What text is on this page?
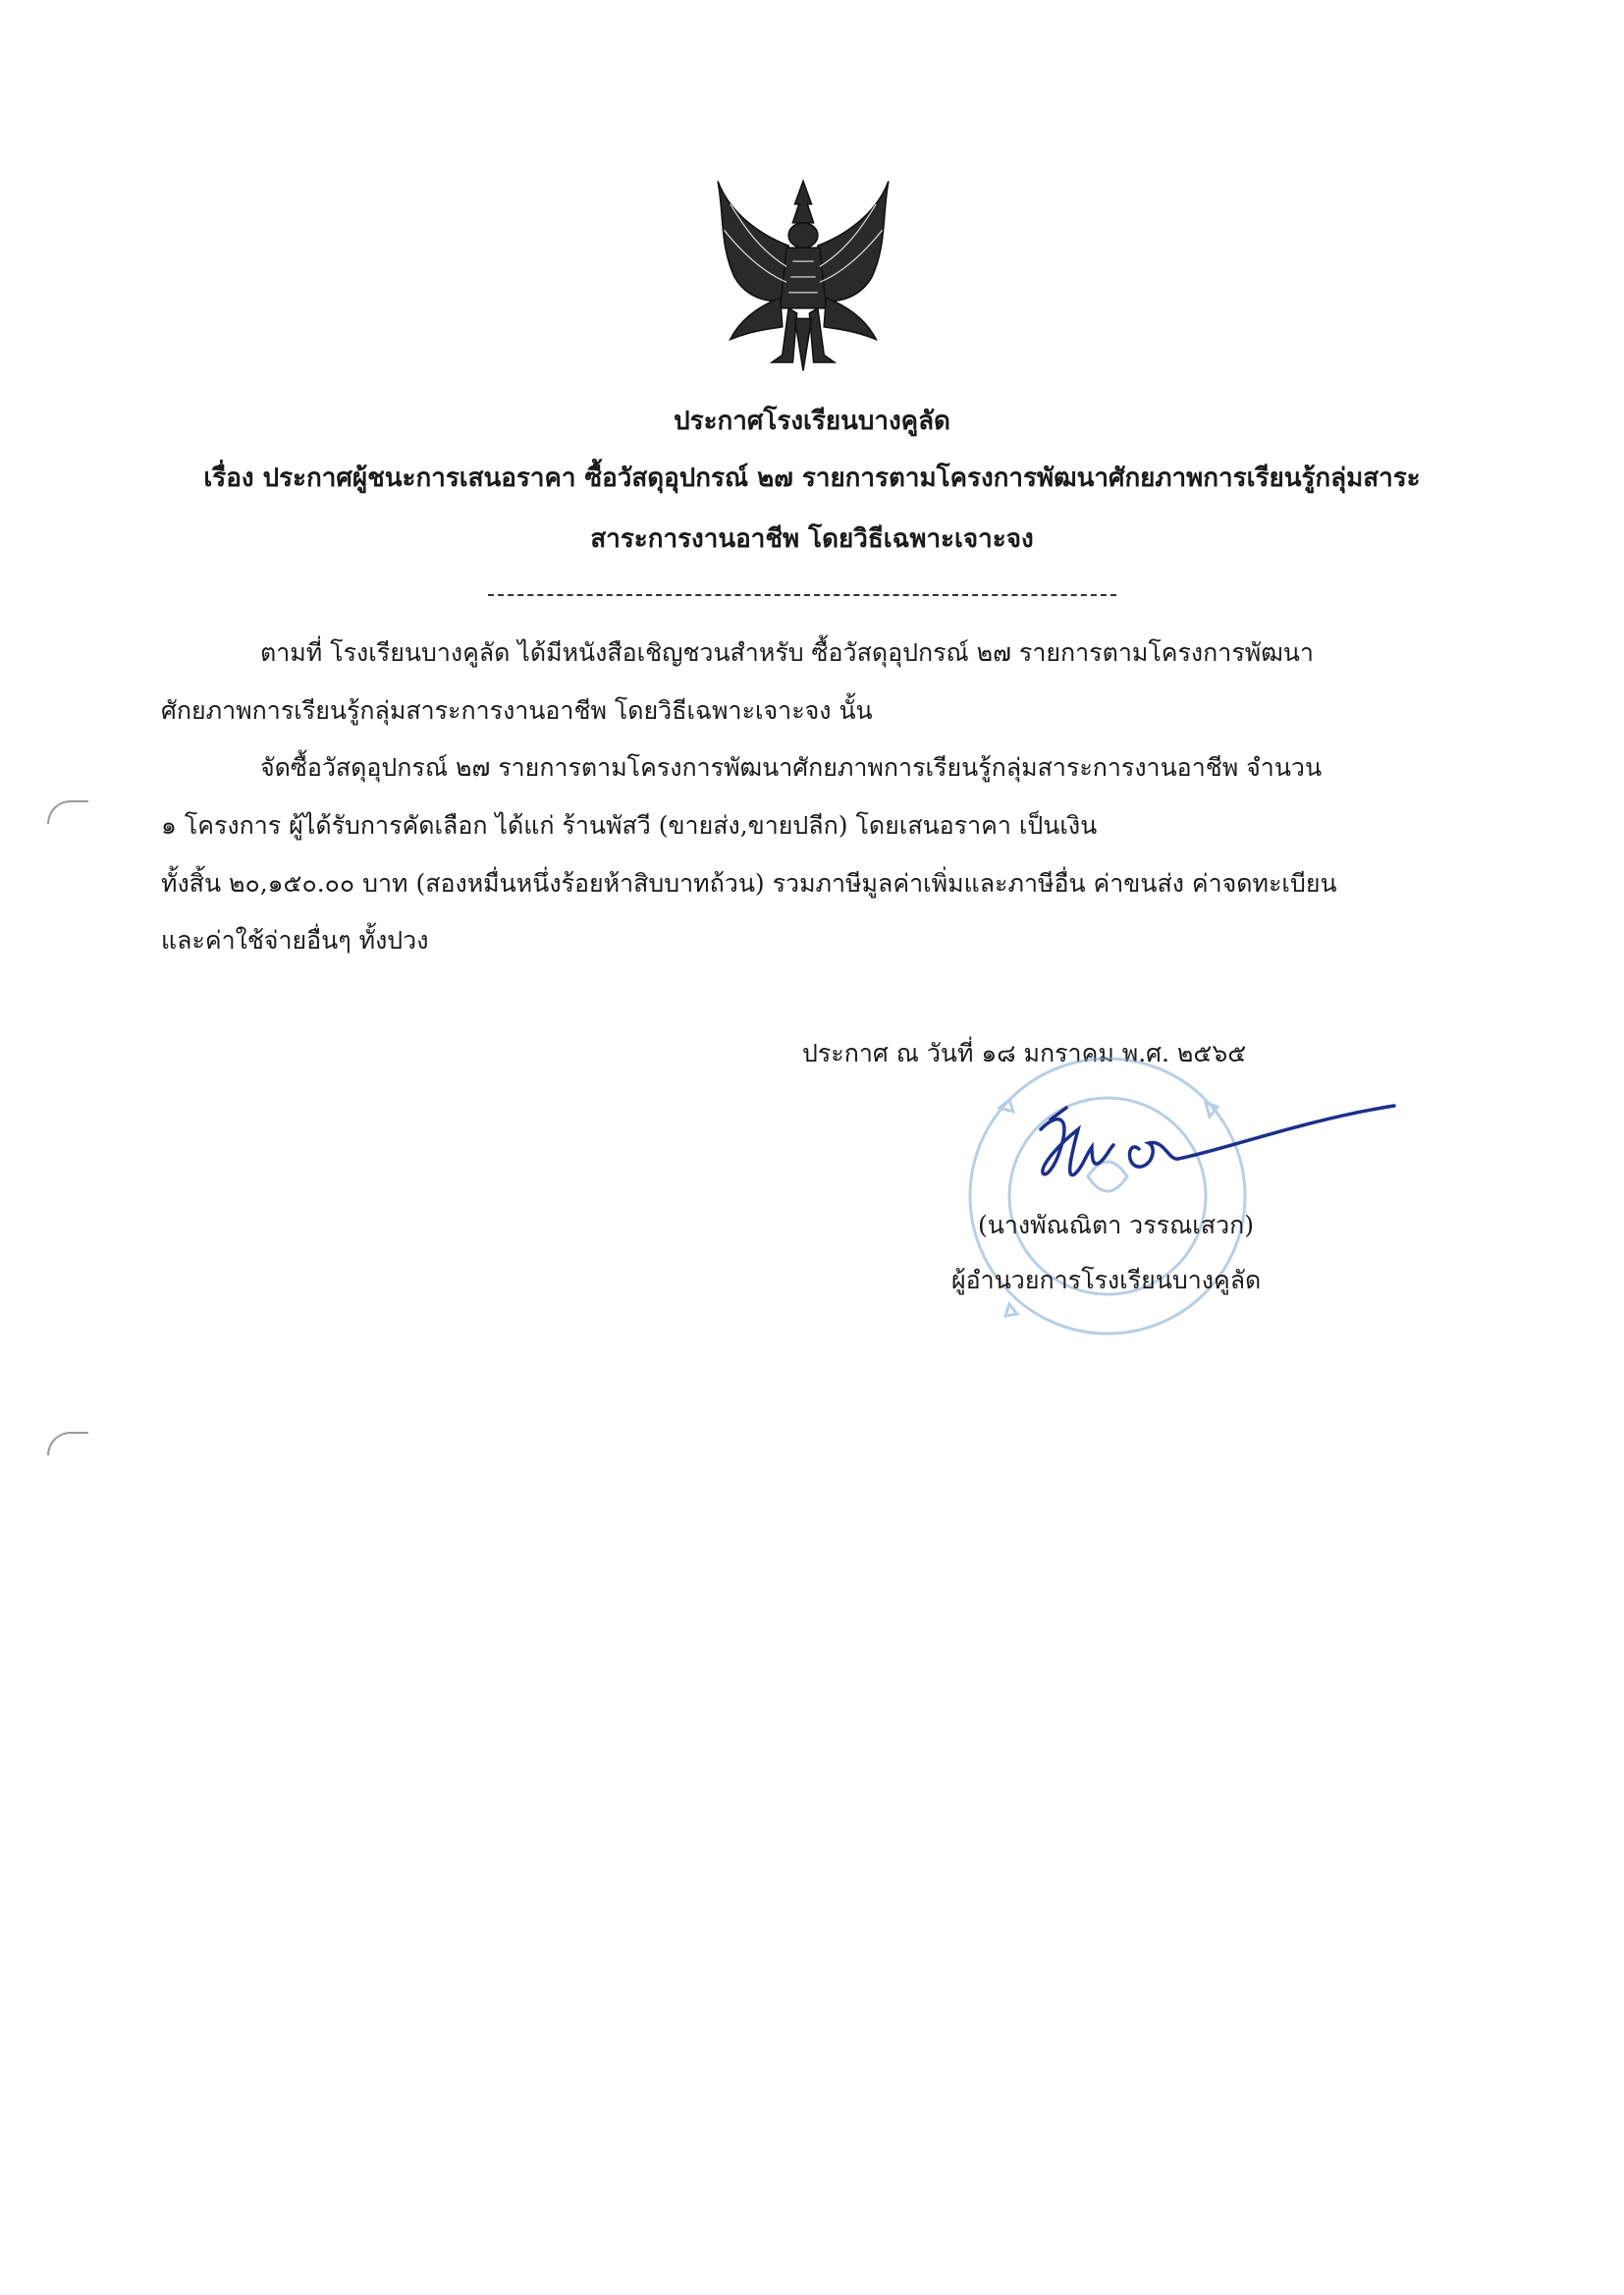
ประกาศโรงเรียนบางคูลัด
เรื่อง ประกาศผู้ชนะการเสนอราคา ซื้อวัสดุอุปกรณ์ ๒๗ รายการตามโครงการพัฒนาศักยภาพการเรียนรู้กลุ่มสาระ
สาระการงานอาชีพ โดยวิธีเฉพาะเจาะจง
ตามที่ โรงเรียนบางคูลัด ได้มีหนังสือเชิญชวนสำหรับ ซื้อวัสดุอุปกรณ์ ๒๗ รายการตามโครงการพัฒนา
ศักยภาพการเรียนรู้กลุ่มสาระการงานอาชีพ โดยวิธีเฉพาะเจาะจง นั้น
จัดซื้อวัสดุอุปกรณ์ ๒๗ รายการตามโครงการพัฒนาศักยภาพการเรียนรู้กลุ่มสาระการงานอาชีพ จำนวน
๑ โครงการ ผู้ได้รับการคัดเลือก ได้แก่ ร้านพัสวี (ขายส่ง,ขายปลีก) โดยเสนอราคา เป็นเงิน
ทั้งสิ้น ๒๐,๑๕๐.๐๐ บาท (สองหมื่นหนึ่งร้อยห้าสิบบาทถ้วน) รวมภาษีมูลค่าเพิ่มและภาษีอื่น ค่าขนส่ง ค่าจดทะเบียน
และค่าใช้จ่ายอื่นๆ ทั้งปวง
ประกาศ ณ วันที่ ๑๘ มกราคม พ.ศ. ๒๕๖๕
(นางพัณณิตา วรรณเสวก)
ผู้อำนวยการโรงเรียนบางคูลัด
